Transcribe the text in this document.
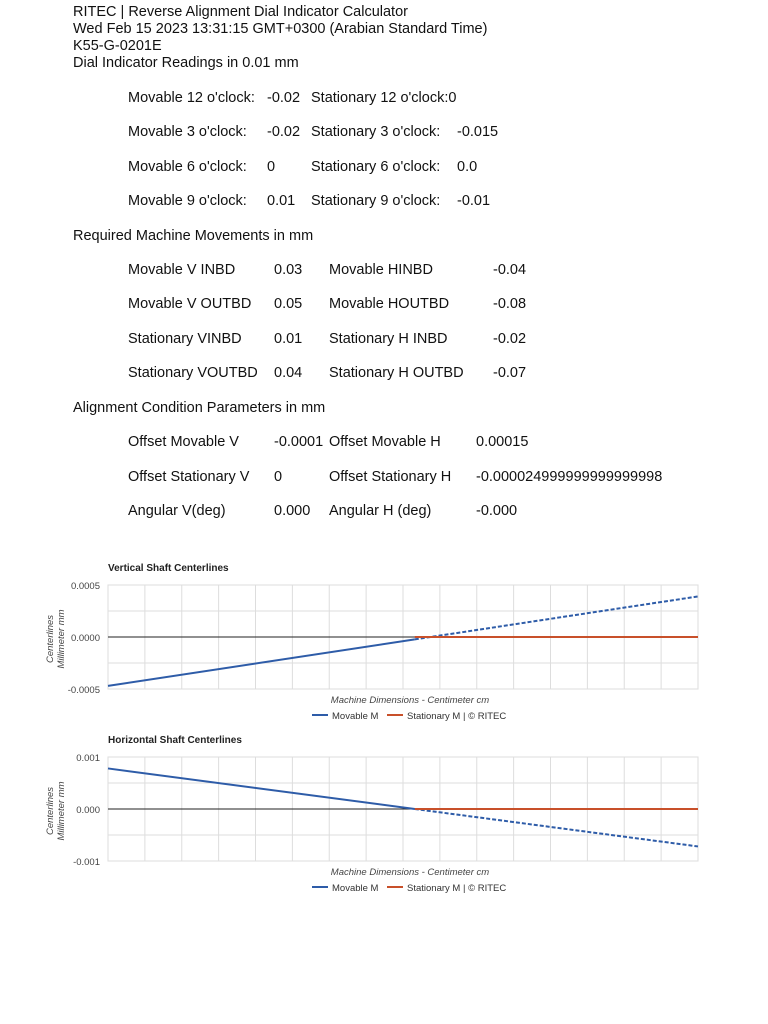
RITEC | Reverse Alignment Dial Indicator Calculator
Wed Feb 15 2023 13:31:15 GMT+0300 (Arabian Standard Time)
K55-G-0201E
Dial Indicator Readings in 0.01 mm
Movable 12 o'clock: -0.02 Stationary 12 o'clock:0
Movable 3 o'clock: -0.02 Stationary 3 o'clock: -0.015
Movable 6 o'clock: 0 Stationary 6 o'clock: 0.0
Movable 9 o'clock: 0.01 Stationary 9 o'clock: -0.01
Required Machine Movements in mm
Movable V INBD	0.03 Movable HINBD	-0.04
Movable V OUTBD 0.05 Movable HOUTBD	-0.08
Stationary VINBD 0.01 Stationary H INBD	-0.02
Stationary VOUTBD 0.04 Stationary H OUTBD -0.07
Alignment Condition Parameters in mm
Offset Movable V -0.0001 Offset Movable H 0.00015
Offset Stationary V 0	Offset Stationary H -0.000024999999999999998
Angular V(deg)	0.000 Angular H (deg)	-0.000
Vertical Shaft Centerlines
0.0005
0.0000
-0.0005
Centerlines Millimeter mm
Machine Dimensions - Centimeter cm
Movable M	Stationary M | © RITEC
Horizontal Shaft Centerlines
0.001
0.000
-0.001
Centerlines Millimeter mm
Machine Dimensions - Centimeter cm
Movable M	Stationary M | © RITEC
